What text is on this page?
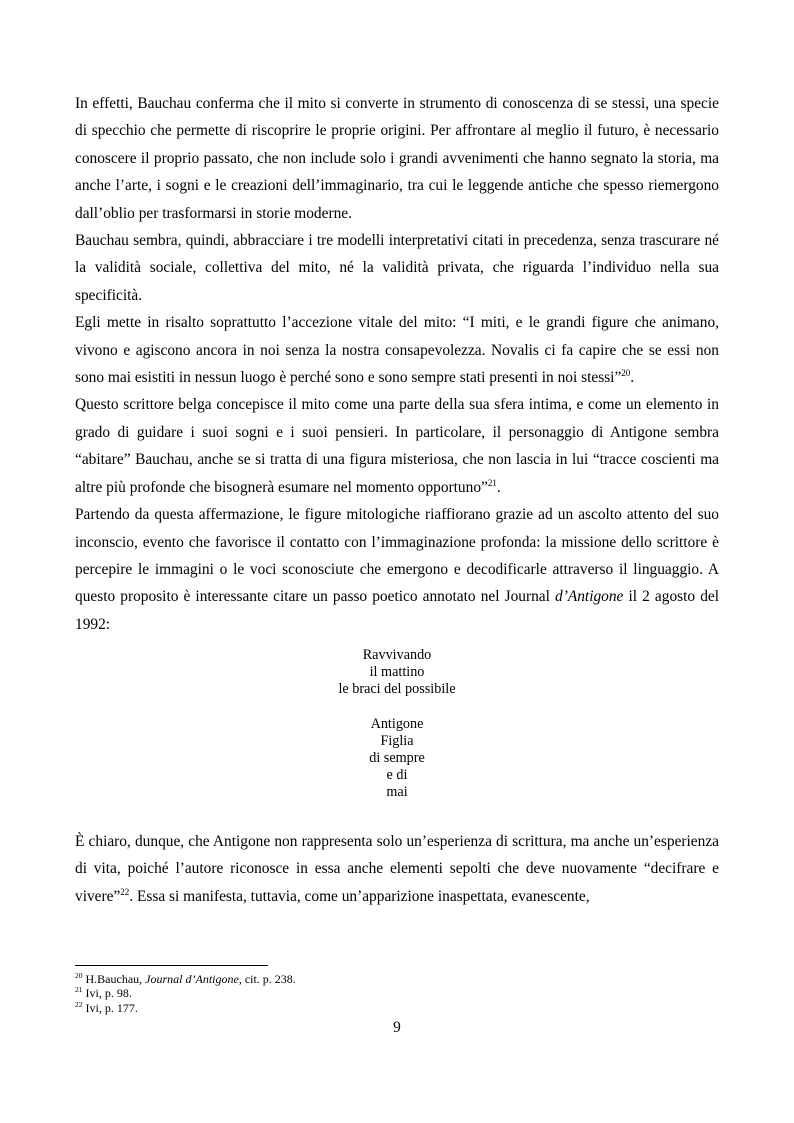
In effetti, Bauchau conferma che il mito si converte in strumento di conoscenza di se stessi, una specie di specchio che permette di riscoprire le proprie origini. Per affrontare al meglio il futuro, è necessario conoscere il proprio passato, che non include solo i grandi avvenimenti che hanno segnato la storia, ma anche l’arte, i sogni e le creazioni dell’immaginario, tra cui le leggende antiche che spesso riemergono dall’oblio per trasformarsi in storie moderne.

Bauchau sembra, quindi, abbracciare i tre modelli interpretativi citati in precedenza, senza trascurare né la validità sociale, collettiva del mito, né la validità privata, che riguarda l’individuo nella sua specificità.

Egli mette in risalto soprattutto l’accezione vitale del mito: “I miti, e le grandi figure che animano, vivono e agiscono ancora in noi senza la nostra consapevolezza. Novalis ci fa capire che se essi non sono mai esistiti in nessun luogo è perché sono e sono sempre stati presenti in noi stessi”$^{20}$.

Questo scrittore belga concepisce il mito come una parte della sua sfera intima, e come un elemento in grado di guidare i suoi sogni e i suoi pensieri. In particolare, il personaggio di Antigone sembra “abitare” Bauchau, anche se si tratta di una figura misteriosa, che non lascia in lui “tracce coscienti ma altre più profonde che bisognerà esumare nel momento opportuno”$^{21}$.

Partendo da questa affermazione, le figure mitologiche riaffiorano grazie ad un ascolto attento del suo inconscio, evento che favorisce il contatto con l’immaginazione profonda: la missione dello scrittore è percepire le immagini o le voci sconosciute che emergono e decodificarle attraverso il linguaggio. A questo proposito è interessante citare un passo poetico annotato nel Journal d’Antigone il 2 agosto del 1992:

Ravvivando
il mattino
le braci del possibile
Antigone
Figlia
di sempre
e di
mai

È chiaro, dunque, che Antigone non rappresenta solo un’esperienza di scrittura, ma anche un’esperienza di vita, poiché l’autore riconosce in essa anche elementi sepolti che deve nuovamente “decifrare e vivere”$^{22}$. Essa si manifesta, tuttavia, come un’apparizione inaspettata, evanescente,

$^{20}$ H.Bauchau, Journal d’Antigone, cit. p. 238.
$^{21}$ Ivi, p. 98.
$^{22}$ Ivi, p. 177.
9
